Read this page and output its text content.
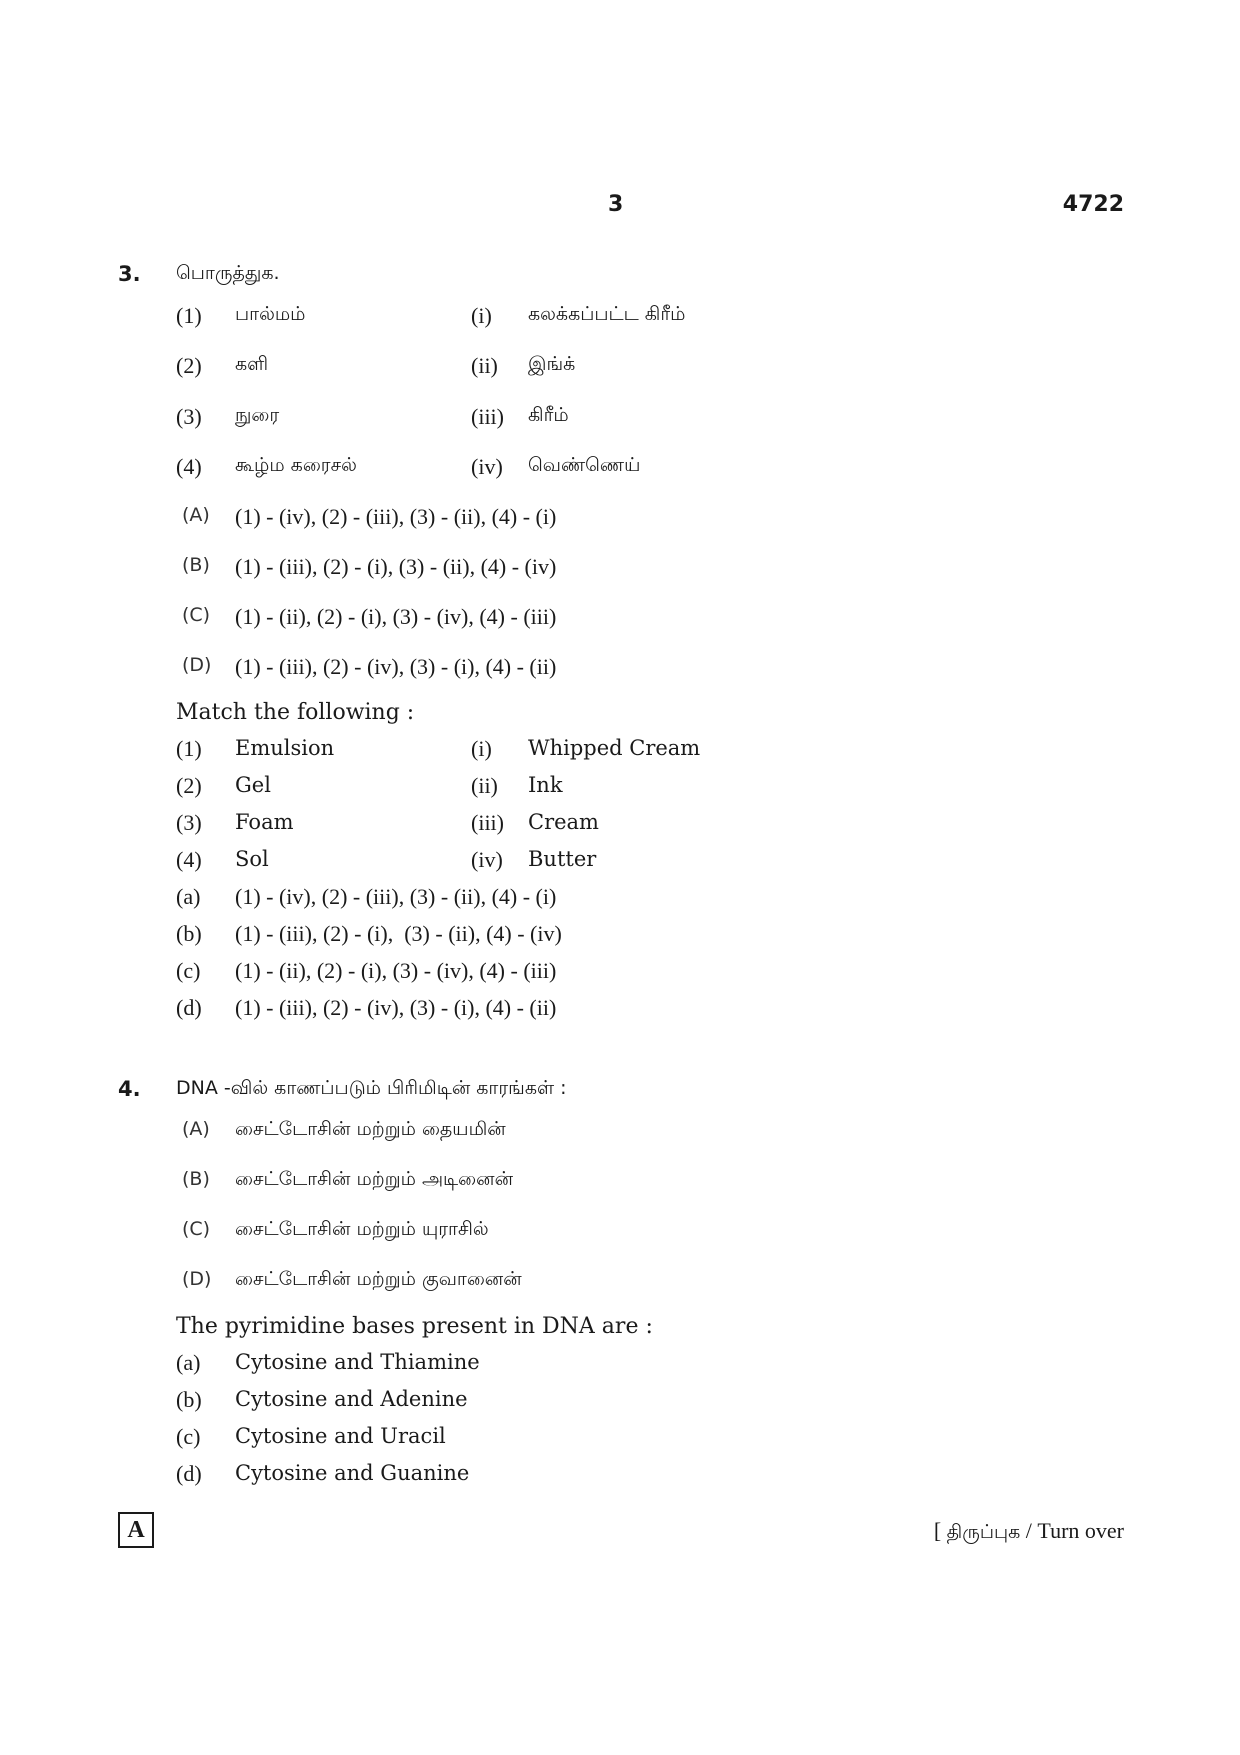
3	4722
3. பொருத்துக.
(1) பால்மம்	(i) கலக்கப்பட்ட கிரீம்
(2) களி	(ii) இங்க்
(3) நுரை	(iii) கிரீம்
(4) கூழ்ம கரைசல்	(iv) வெண்ணெய்
(A) (1) - (iv), (2) - (iii), (3) - (ii), (4) - (i)
(B) (1) - (iii), (2) - (i), (3) - (ii), (4) - (iv)
(C) (1) - (ii), (2) - (i), (3) - (iv), (4) - (iii)
(D) (1) - (iii), (2) - (iv), (3) - (i), (4) - (ii)
Match the following :
(1) Emulsion	(i) Whipped Cream
(2) Gel	(ii) Ink
(3) Foam	(iii) Cream
(4) Sol	(iv) Butter
(a) (1) - (iv), (2) - (iii), (3) - (ii), (4) - (i)
(b) (1) - (iii), (2) - (i),  (3) - (ii), (4) - (iv)
(c) (1) - (ii), (2) - (i), (3) - (iv), (4) - (iii)
(d) (1) - (iii), (2) - (iv), (3) - (i), (4) - (ii)
4. DNA -வில் காணப்படும் பிரிமிடின் காரங்கள் :
(A) சைட்டோசின் மற்றும் தையமின்
(B) சைட்டோசின் மற்றும் அடினைன்
(C) சைட்டோசின் மற்றும் யுராசில்
(D) சைட்டோசின் மற்றும் குவானைன்
The pyrimidine bases present in DNA are :
(a) Cytosine and Thiamine
(b) Cytosine and Adenine
(c) Cytosine and Uracil
(d) Cytosine and Guanine
A	[ திருப்புக / Turn over
